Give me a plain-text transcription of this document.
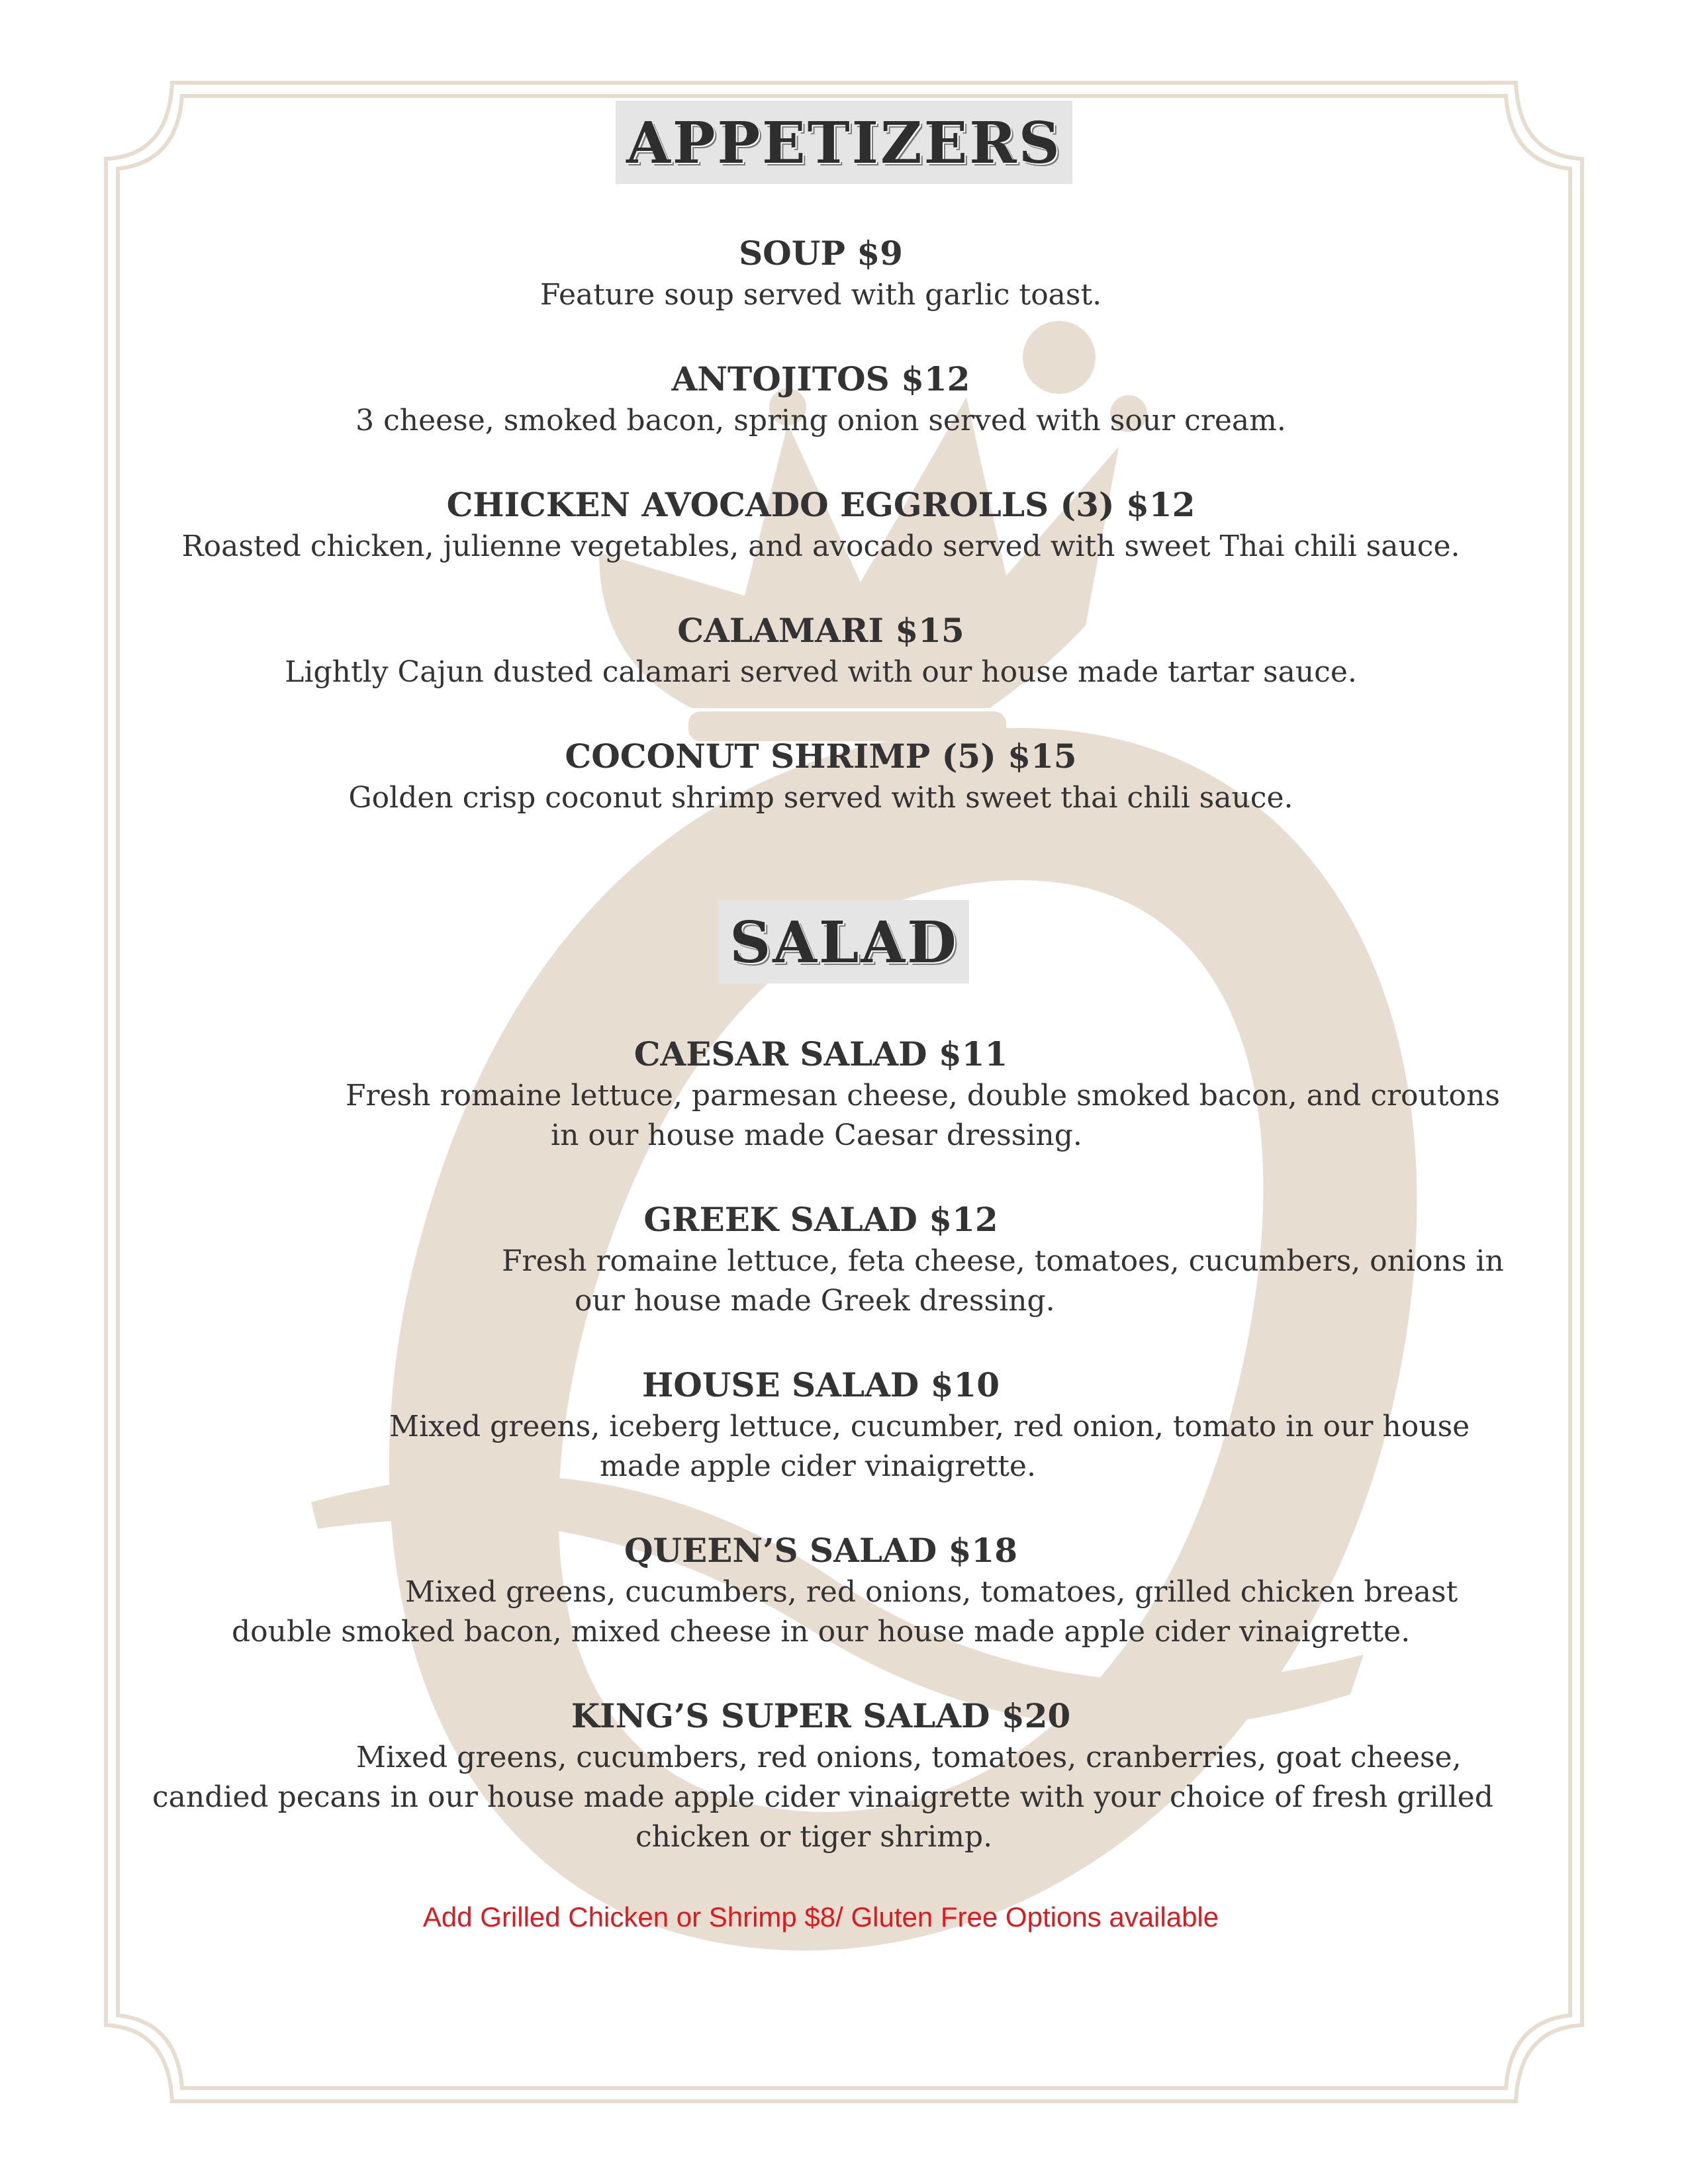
APPETIZERS
SOUP $9
Feature soup served with garlic toast.
ANTOJITOS $12
3 cheese, smoked bacon, spring onion served with sour cream.
CHICKEN AVOCADO EGGROLLS (3) $12
Roasted chicken, julienne vegetables, and avocado served with sweet Thai chili sauce.
CALAMARI $15
Lightly Cajun dusted calamari served with our house made tartar sauce.
COCONUT SHRIMP (5) $15
Golden crisp coconut shrimp served with sweet thai chili sauce.
SALAD
CAESAR SALAD $11
Fresh romaine lettuce, parmesan cheese, double smoked bacon, and croutons
in our house made Caesar dressing.
GREEK SALAD $12
Fresh romaine lettuce, feta cheese, tomatoes, cucumbers, onions in
our house made Greek dressing.
HOUSE SALAD $10
Mixed greens, iceberg lettuce, cucumber, red onion, tomato in our house
made apple cider vinaigrette.
QUEEN’S SALAD $18
Mixed greens, cucumbers, red onions, tomatoes, grilled chicken breast
double smoked bacon, mixed cheese in our house made apple cider vinaigrette.
KING’S SUPER SALAD $20
Mixed greens, cucumbers, red onions, tomatoes, cranberries, goat cheese,
candied pecans in our house made apple cider vinaigrette with your choice of fresh grilled
chicken or tiger shrimp.
Add Grilled Chicken or Shrimp $8/ Gluten Free Options available
